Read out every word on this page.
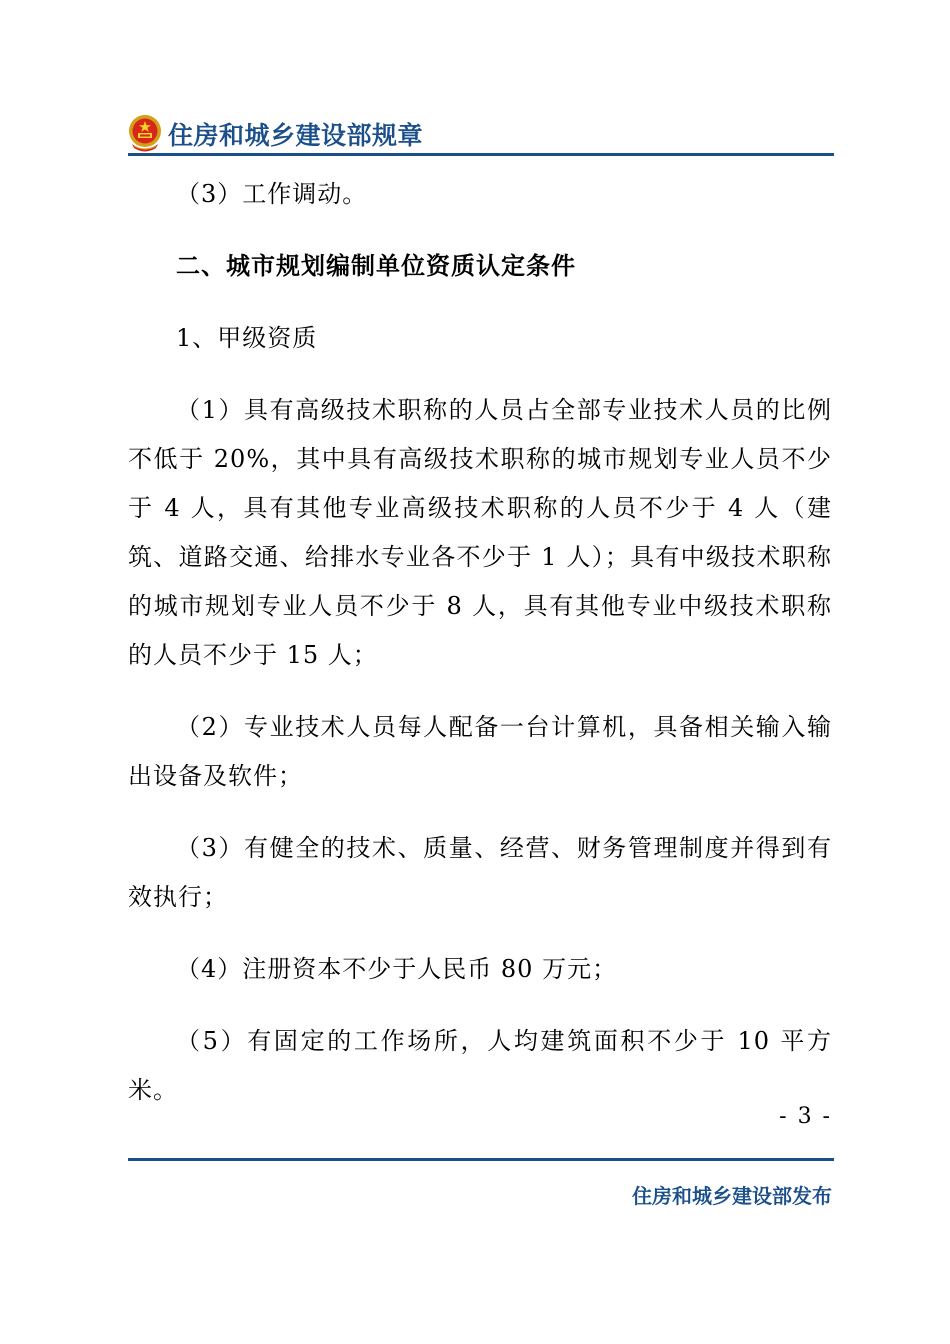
住房和城乡建设部规章

（3）工作调动。

二、城市规划编制单位资质认定条件

1、甲级资质

（1）具有高级技术职称的人员占全部专业技术人员的比例不低于 20%，其中具有高级技术职称的城市规划专业人员不少于 4 人，具有其他专业高级技术职称的人员不少于 4 人（建筑、道路交通、给排水专业各不少于 1 人）；具有中级技术职称的城市规划专业人员不少于 8 人，具有其他专业中级技术职称的人员不少于 15 人；

（2）专业技术人员每人配备一台计算机，具备相关输入输出设备及软件；

（3）有健全的技术、质量、经营、财务管理制度并得到有效执行；

（4）注册资本不少于人民币 80 万元；

（5）有固定的工作场所，人均建筑面积不少于 10 平方米。

- 3 -
住房和城乡建设部发布
